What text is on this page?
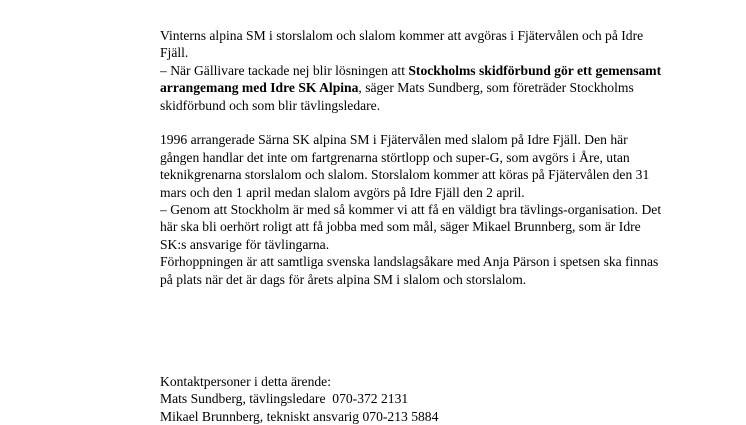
Vinterns alpina SM i storslalom och slalom kommer att avgöras i Fjätervålen och på Idre Fjäll.

– När Gällivare tackade nej blir lösningen att Stockholms skidförbund gör ett gemensamt arrangemang med Idre SK Alpina, säger Mats Sundberg, som företräder Stockholms skidförbund och som blir tävlingsledare.

1996 arrangerade Särna SK alpina SM i Fjätervålen med slalom på Idre Fjäll. Den här gången handlar det inte om fartgrenarna störtlopp och super-G, som avgörs i Åre, utan teknikgrenarna storslalom och slalom. Storslalom kommer att köras på Fjätervålen den 31 mars och den 1 april medan slalom avgörs på Idre Fjäll den 2 april.

– Genom att Stockholm är med så kommer vi att få en väldigt bra tävlings-organisation. Det här ska bli oerhört roligt att få jobba med som mål, säger Mikael Brunnberg, som är Idre SK:s ansvarige för tävlingarna.

Förhoppningen är att samtliga svenska landslagsåkare med Anja Pärson i spetsen ska finnas på plats när det är dags för årets alpina SM i slalom och storslalom.

Kontaktpersoner i detta ärende:

Mats Sundberg, tävlingsledare  070-372 2131

Mikael Brunnberg, tekniskt ansvarig 070-213 5884
